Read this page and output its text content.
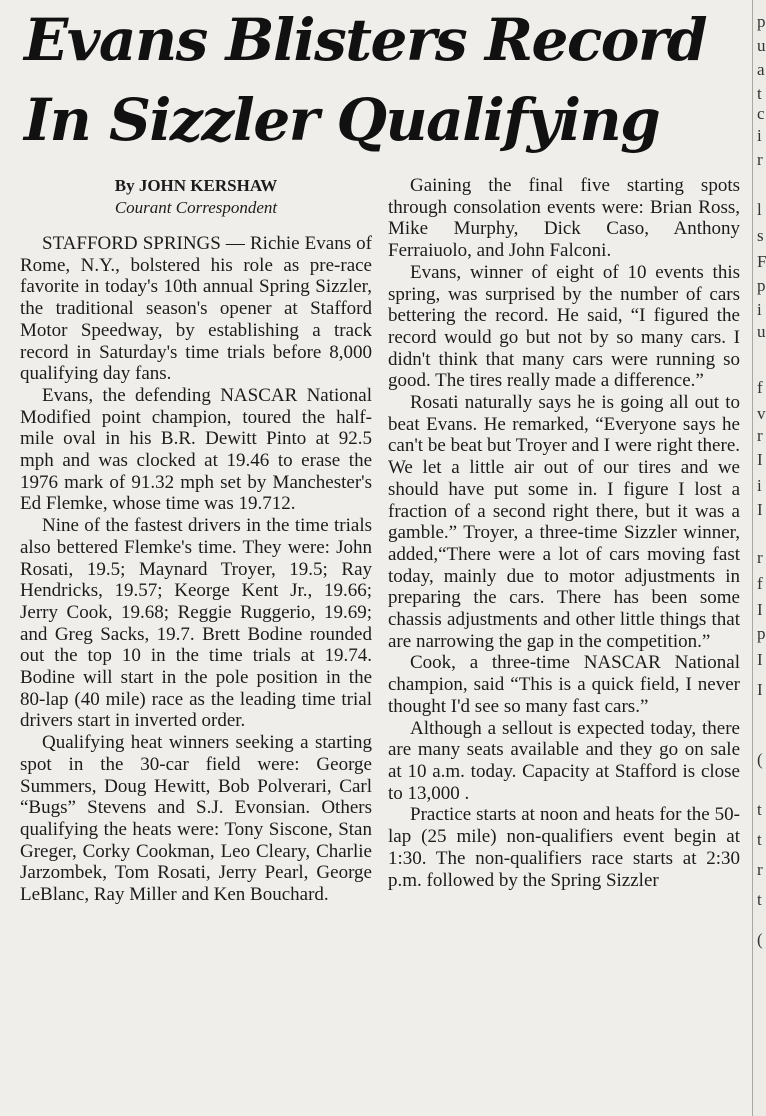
Evans Blisters Record
In Sizzler Qualifying
By JOHN KERSHAW
Courant Correspondent

STAFFORD SPRINGS — Richie Evans of Rome, N.Y., bolstered his role as pre-race favorite in today's 10th annual Spring Sizzler, the traditional season's opener at Stafford Motor Speedway, by establishing a track record in Saturday's time trials before 8,000 qualifying day fans.

Evans, the defending NASCAR National Modified point champion, toured the half-mile oval in his B.R. Dewitt Pinto at 92.5 mph and was clocked at 19.46 to erase the 1976 mark of 91.32 mph set by Manchester's Ed Flemke, whose time was 19.712.

Nine of the fastest drivers in the time trials also bettered Flemke's time. They were: John Rosati, 19.5; Maynard Troyer, 19.5; Ray Hendricks, 19.57; Keorge Kent Jr., 19.66; Jerry Cook, 19.68; Reggie Ruggerio, 19.69; and Greg Sacks, 19.7. Brett Bodine rounded out the top 10 in the time trials at 19.74. Bodine will start in the pole position in the 80-lap (40 mile) race as the leading time trial drivers start in inverted order.

Qualifying heat winners seeking a starting spot in the 30-car field were: George Summers, Doug Hewitt, Bob Polverari, Carl “Bugs” Stevens and S.J. Evonsian. Others qualifying the heats were: Tony Siscone, Stan Greger, Corky Cookman, Leo Cleary, Charlie Jarzombek, Tom Rosati, Jerry Pearl, George LeBlanc, Ray Miller and Ken Bouchard.

Gaining the final five starting spots through consolation events were: Brian Ross, Mike Murphy, Dick Caso, Anthony Ferraiuolo, and John Falconi.

Evans, winner of eight of 10 events this spring, was surprised by the number of cars bettering the record. He said, “I figured the record would go but not by so many cars. I didn't think that many cars were running so good. The tires really made a difference.”

Rosati naturally says he is going all out to beat Evans. He remarked, “Everyone says he can't be beat but Troyer and I were right there. We let a little air out of our tires and we should have put some in. I figure I lost a fraction of a second right there, but it was a gamble.” Troyer, a three-time Sizzler winner, added,“There were a lot of cars moving fast today, mainly due to motor adjustments in preparing the cars. There has been some chassis adjustments and other little things that are narrowing the gap in the competition.”

Cook, a three-time NASCAR National champion, said “This is a quick field, I never thought I'd see so many fast cars.”

Although a sellout is expected today, there are many seats available and they go on sale at 10 a.m. today. Capacity at Stafford is close to 13,000 .

Practice starts at noon and heats for the 50-lap (25 mile) non-qualifiers event begin at 1:30. The non-qualifiers race starts at 2:30 p.m. followed by the Spring Sizzler

p
u
a
t
c
i
r
l
s
F
p
i
u
f
v
r
I
i
I
r
f
I
p
I
I
(
t
t
r
t
(
